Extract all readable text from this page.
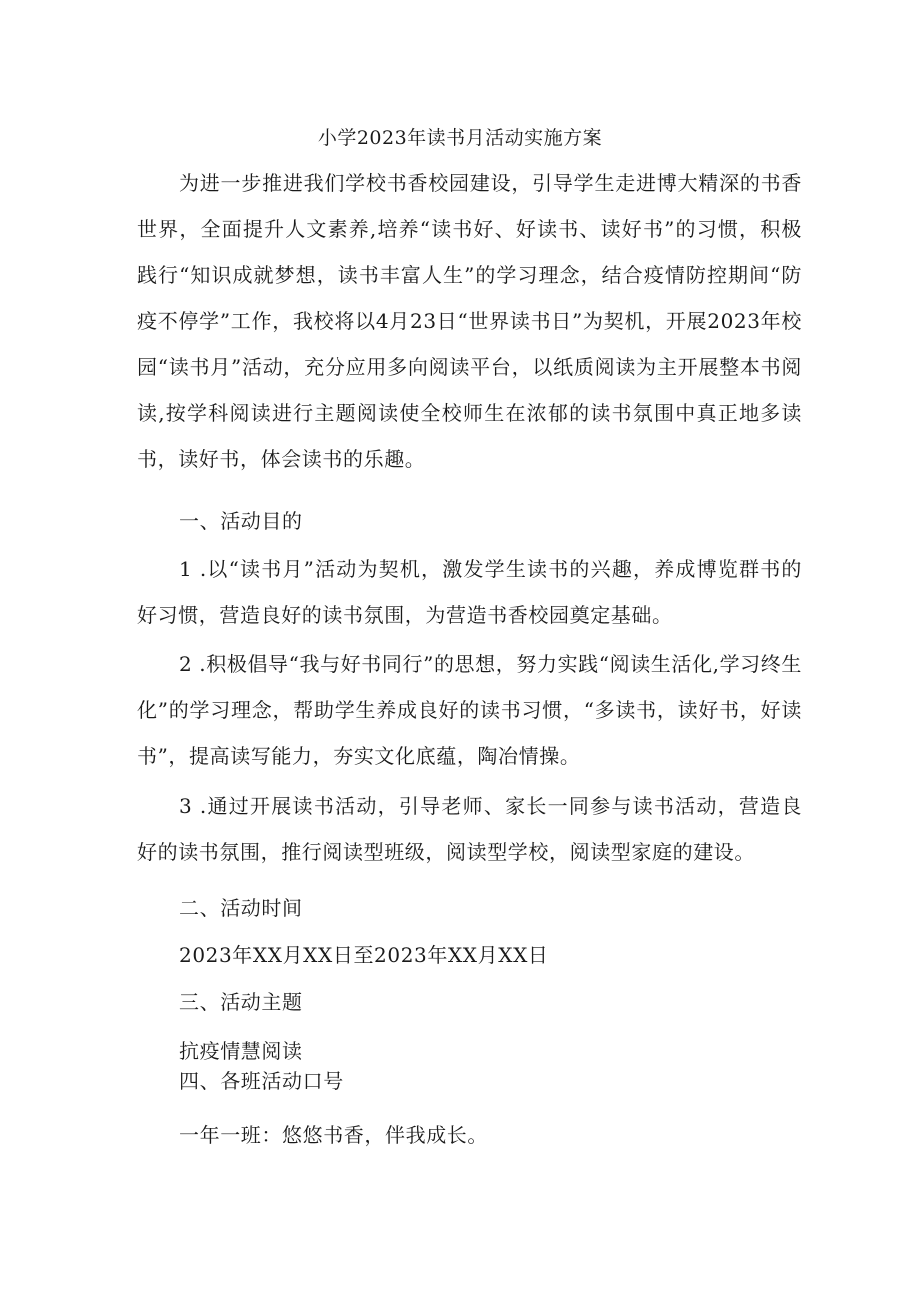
小学2023年读书月活动实施方案

为进一步推进我们学校书香校园建设，引导学生走进博大精深的书香世界，全面提升人文素养,培养“读书好、好读书、读好书”的习惯，积极践行“知识成就梦想，读书丰富人生”的学习理念，结合疫情防控期间“防疫不停学”工作，我校将以4月23日“世界读书日”为契机，开展2023年校园“读书月”活动，充分应用多向阅读平台，以纸质阅读为主开展整本书阅读,按学科阅读进行主题阅读使全校师生在浓郁的读书氛围中真正地多读书，读好书，体会读书的乐趣。

一、活动目的

1 .以“读书月”活动为契机，激发学生读书的兴趣，养成博览群书的好习惯，营造良好的读书氛围，为营造书香校园奠定基础。

2 .积极倡导“我与好书同行”的思想，努力实践“阅读生活化,学习终生化”的学习理念，帮助学生养成良好的读书习惯，“多读书，读好书，好读书”，提高读写能力，夯实文化底蕴，陶冶情操。

3 .通过开展读书活动，引导老师、家长一同参与读书活动，营造良好的读书氛围，推行阅读型班级，阅读型学校，阅读型家庭的建设。

二、活动时间

2023年XX月XX日至2023年XX月XX日

三、活动主题

抗疫情慧阅读

四、各班活动口号

一年一班：悠悠书香，伴我成长。
